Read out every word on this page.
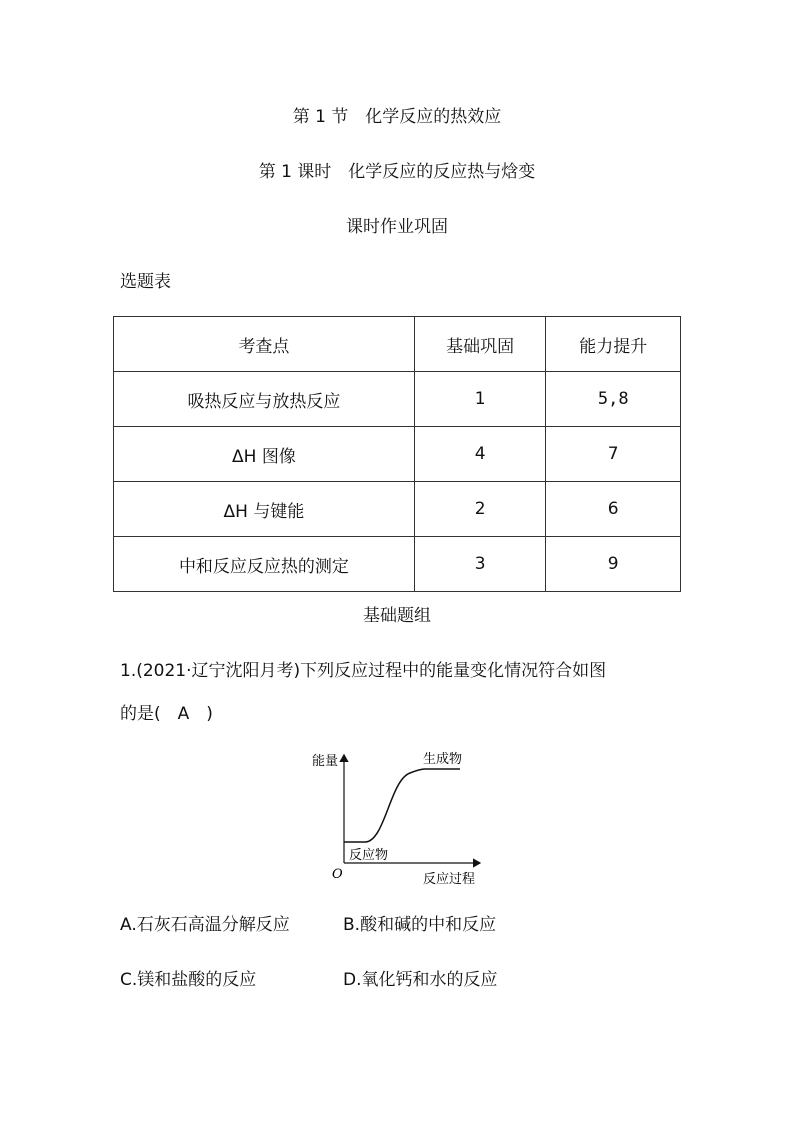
第 1 节　化学反应的热效应
第 1 课时　化学反应的反应热与焓变
课时作业巩固
选题表
考查点	基础巩固	能力提升
吸热反应与放热反应	1	5,8
ΔH 图像	4	7
ΔH 与键能	2	6
中和反应反应热的测定	3	9
基础题组
1.(2021·辽宁沈阳月考)下列反应过程中的能量变化情况符合如图
的是(　A　)
能量
反应过程
O
生成物
反应物
A.石灰石高温分解反应	B.酸和碱的中和反应
C.镁和盐酸的反应	D.氧化钙和水的反应
